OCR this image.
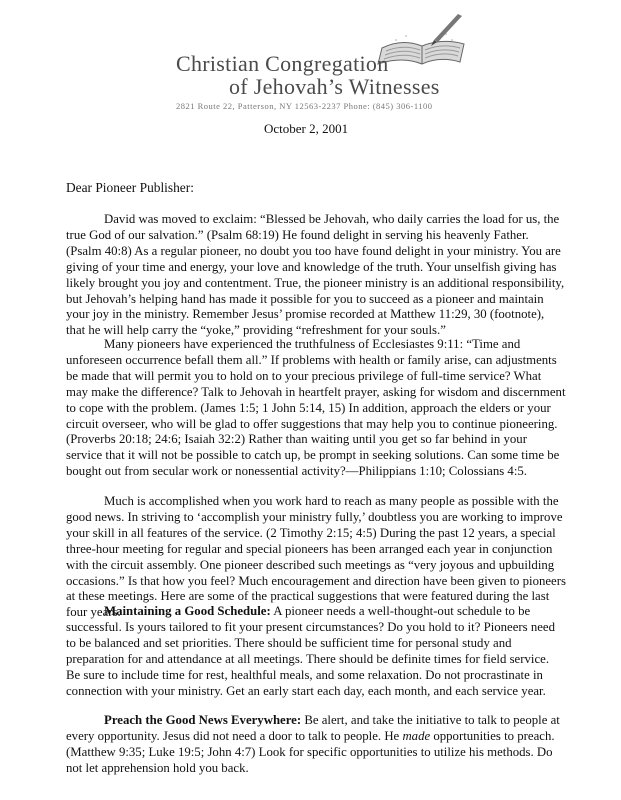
Christian Congregation
of Jehovah’s Witnesses
2821 Route 22, Patterson, NY 12563-2237 Phone: (845) 306-1100
October 2, 2001
Dear Pioneer Publisher:

David was moved to exclaim: “Blessed be Jehovah, who daily carries the load for us, the true God of our salvation.” (Psalm 68:19) He found delight in serving his heavenly Father. (Psalm 40:8) As a regular pioneer, no doubt you too have found delight in your ministry. You are giving of your time and energy, your love and knowledge of the truth. Your unselfish giving has likely brought you joy and contentment. True, the pioneer ministry is an additional responsibility, but Jehovah’s helping hand has made it possible for you to succeed as a pioneer and maintain your joy in the ministry. Remember Jesus’ promise recorded at Matthew 11:29, 30 (footnote), that he will help carry the “yoke,” providing “refreshment for your souls.”

Many pioneers have experienced the truthfulness of Ecclesiastes 9:11: “Time and unforeseen occurrence befall them all.” If problems with health or family arise, can adjustments be made that will permit you to hold on to your precious privilege of full-time service? What may make the difference? Talk to Jehovah in heartfelt prayer, asking for wisdom and discernment to cope with the problem. (James 1:5; 1 John 5:14, 15) In addition, approach the elders or your circuit overseer, who will be glad to offer suggestions that may help you to continue pioneering. (Proverbs 20:18; 24:6; Isaiah 32:2) Rather than waiting until you get so far behind in your service that it will not be possible to catch up, be prompt in seeking solutions. Can some time be bought out from secular work or nonessential activity?—Philippians 1:10; Colossians 4:5.

Much is accomplished when you work hard to reach as many people as possible with the good news. In striving to ‘accomplish your ministry fully,’ doubtless you are working to improve your skill in all features of the service. (2 Timothy 2:15; 4:5) During the past 12 years, a special three-hour meeting for regular and special pioneers has been arranged each year in conjunction with the circuit assembly. One pioneer described such meetings as “very joyous and upbuilding occasions.” Is that how you feel? Much encouragement and direction have been given to pioneers at these meetings. Here are some of the practical suggestions that were featured during the last four years.

Maintaining a Good Schedule: A pioneer needs a well-thought-out schedule to be successful. Is yours tailored to fit your present circumstances? Do you hold to it? Pioneers need to be balanced and set priorities. There should be sufficient time for personal study and preparation for and attendance at all meetings. There should be definite times for field service. Be sure to include time for rest, healthful meals, and some relaxation. Do not procrastinate in connection with your ministry. Get an early start each day, each month, and each service year.

Preach the Good News Everywhere: Be alert, and take the initiative to talk to people at every opportunity. Jesus did not need a door to talk to people. He made opportunities to preach. (Matthew 9:35; Luke 19:5; John 4:7) Look for specific opportunities to utilize his methods. Do not let apprehension hold you back.
